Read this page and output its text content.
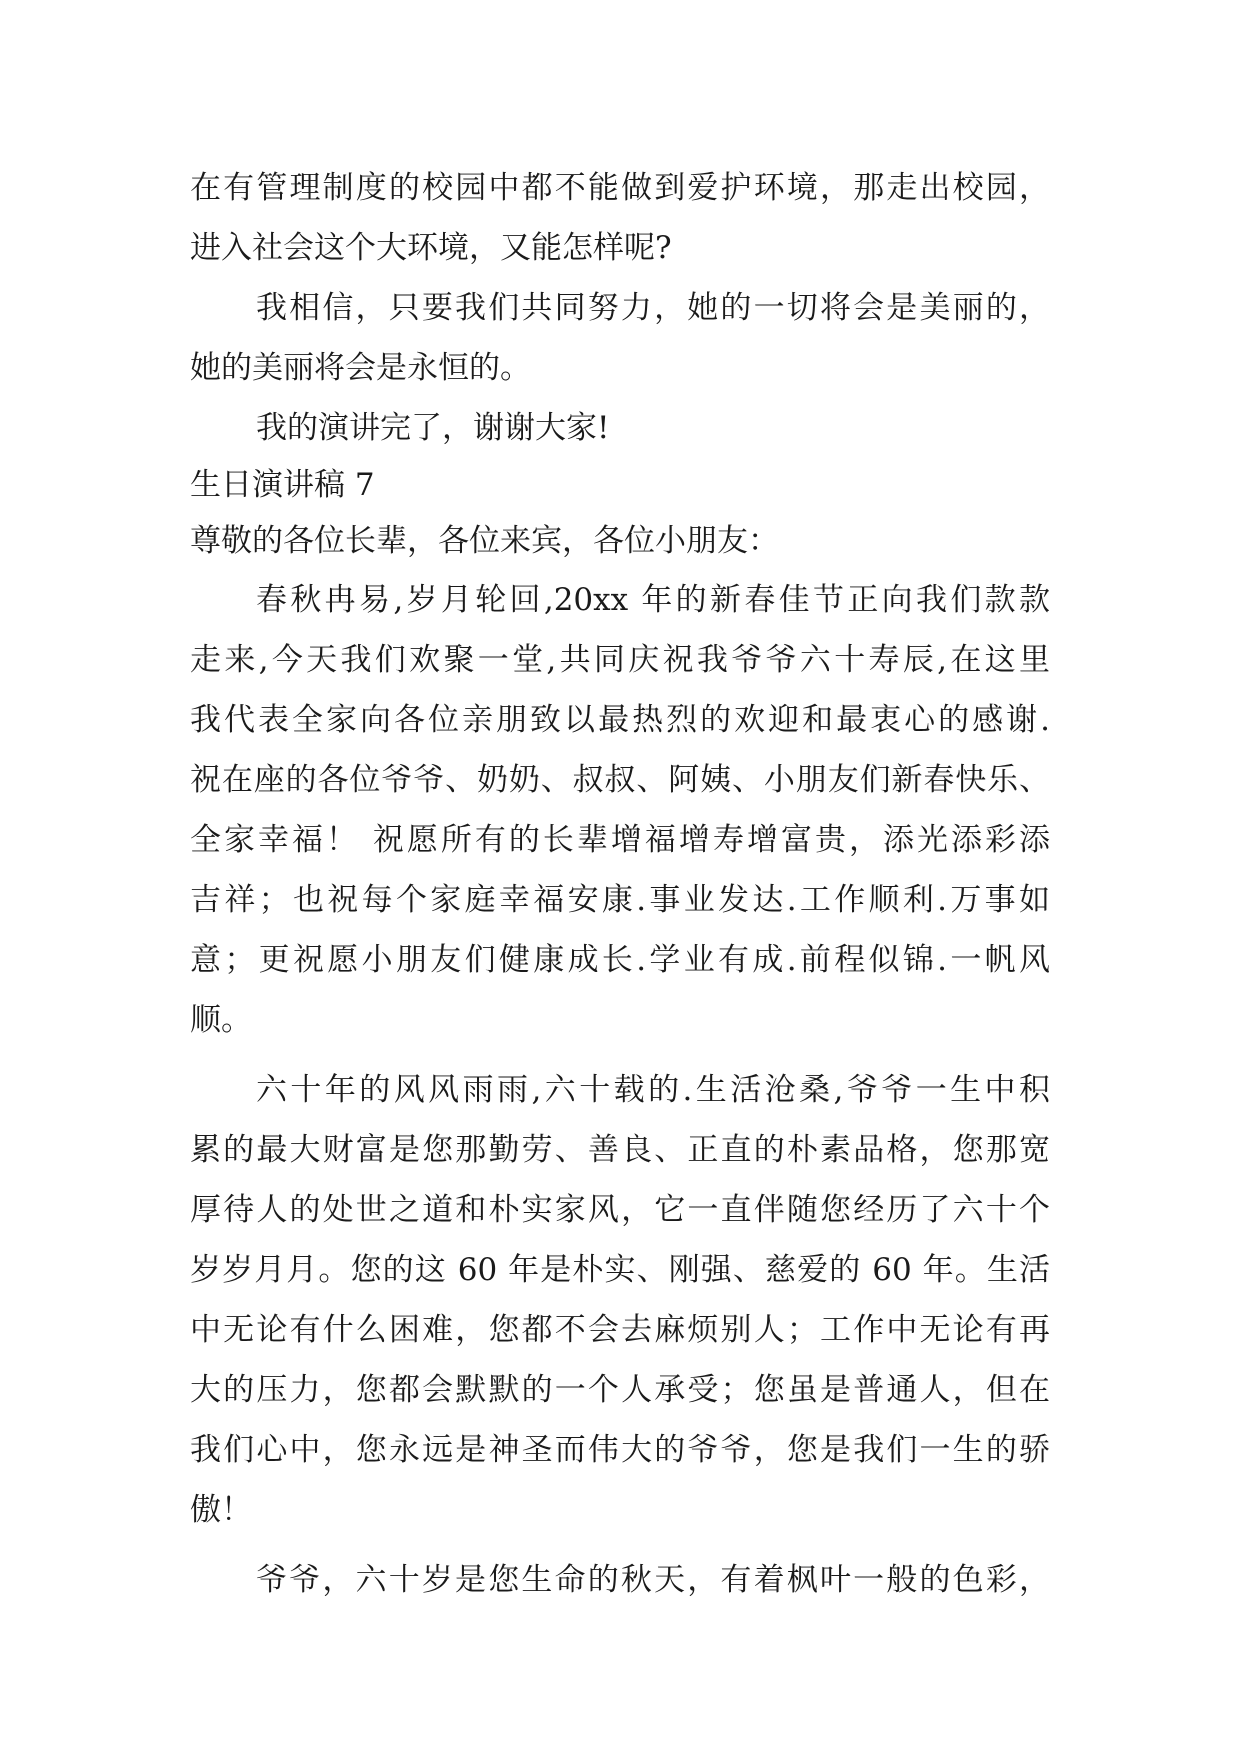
在有管理制度的校园中都不能做到爱护环境，那走出校园，
进入社会这个大环境，又能怎样呢?
我相信，只要我们共同努力，她的一切将会是美丽的，
她的美丽将会是永恒的。
我的演讲完了，谢谢大家!
生日演讲稿 7
尊敬的各位长辈，各位来宾，各位小朋友：
春秋冉易,岁月轮回,20xx 年的新春佳节正向我们款款
走来,今天我们欢聚一堂,共同庆祝我爷爷六十寿辰,在这里
我代表全家向各位亲朋致以最热烈的欢迎和最衷心的感谢.
祝在座的各位爷爷、奶奶、叔叔、阿姨、小朋友们新春快乐、
全家幸福！ 祝愿所有的长辈增福增寿增富贵，添光添彩添
吉祥；也祝每个家庭幸福安康.事业发达.工作顺利.万事如
意；更祝愿小朋友们健康成长.学业有成.前程似锦.一帆风
顺。
六十年的风风雨雨,六十载的.生活沧桑,爷爷一生中积
累的最大财富是您那勤劳、善良、正直的朴素品格，您那宽
厚待人的处世之道和朴实家风，它一直伴随您经历了六十个
岁岁月月。您的这 60 年是朴实、刚强、慈爱的 60 年。生活
中无论有什么困难，您都不会去麻烦别人；工作中无论有再
大的压力，您都会默默的一个人承受；您虽是普通人，但在
我们心中，您永远是神圣而伟大的爷爷，您是我们一生的骄
傲！
爷爷，六十岁是您生命的秋天，有着枫叶一般的色彩，
